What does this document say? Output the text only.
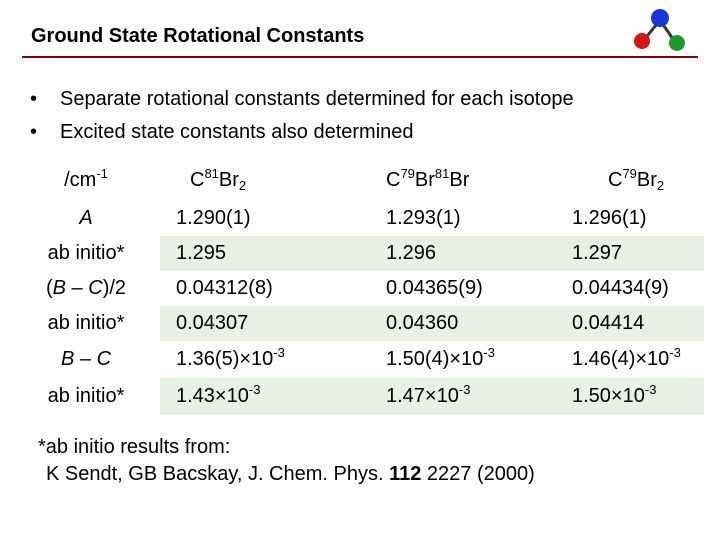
Ground State Rotational Constants
• Separate rotational constants determined for each isotope
• Excited state constants also determined
$/cm^{-1}$	$C^{81}Br_2$	$C^{79}Br^{81}Br$	$C^{79}Br_2$
A	1.290(1)	1.293(1)	1.296(1)
ab initio*	1.295	1.296	1.297
(B – C)/2	0.04312(8)	0.04365(9)	0.04434(9)
ab initio*	0.04307	0.04360	0.04414
B – C	$1.36(5)\times 10^{-3}$	$1.50(4)\times 10^{-3}$	$1.46(4)\times 10^{-3}$
ab initio*	$1.43\times 10^{-3}$	$1.47\times 10^{-3}$	$1.50\times 10^{-3}$
*ab initio results from:
K Sendt, GB Bacskay, J. Chem. Phys. 112 2227 (2000)
